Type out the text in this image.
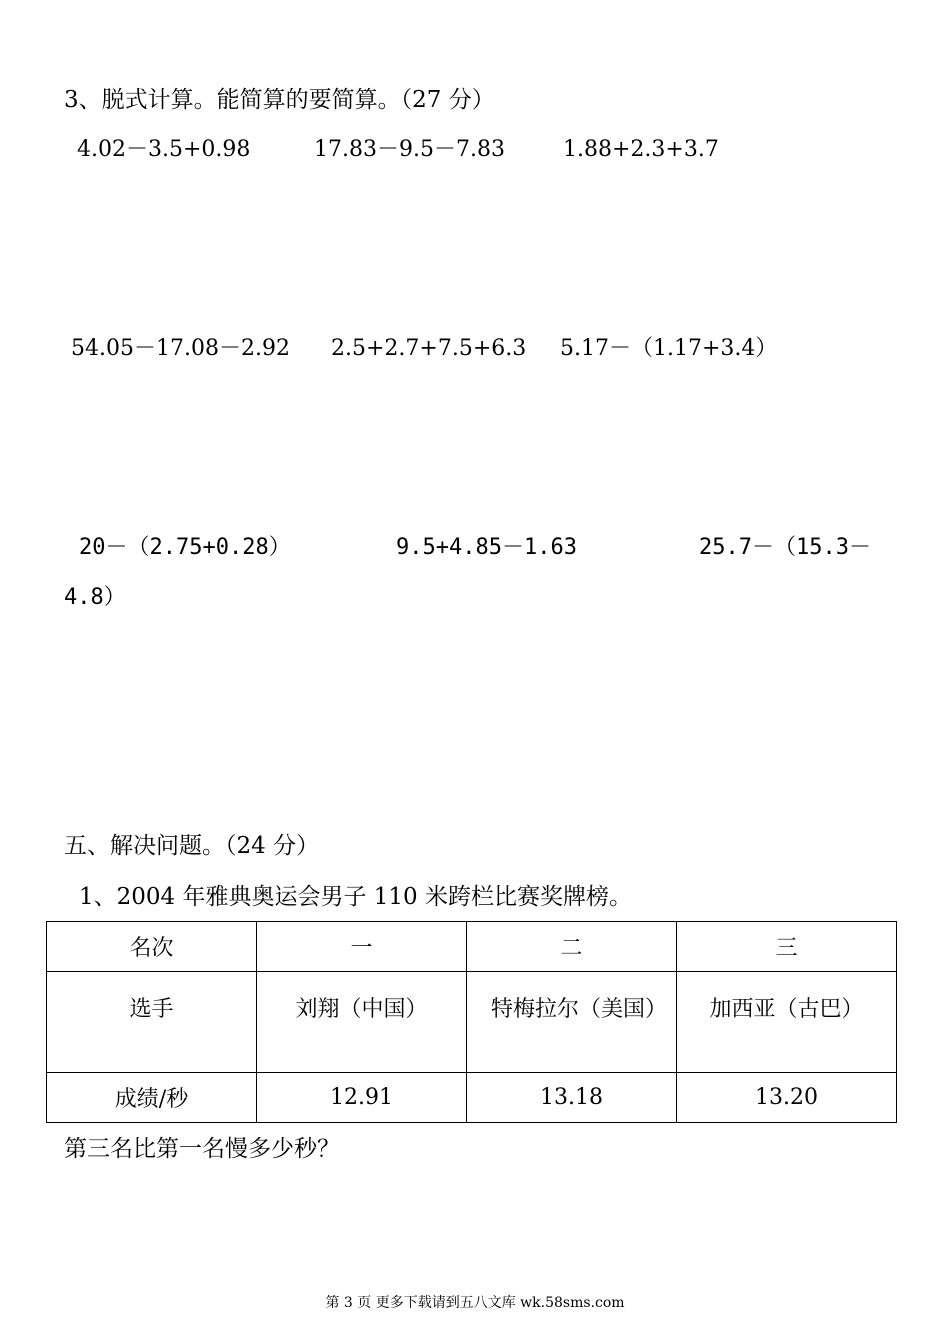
3、脱式计算。能简算的要简算。（27 分）
4.02－3.5+0.98	17.83－9.5－7.83	1.88+2.3+3.7
54.05－17.08－2.92 2.5+2.7+7.5+6.3 5.17－（1.17+3.4）
20－（2.75+0.28）	9.5+4.85－1.63	25.7－（15.3－
4.8）
五、解决问题。（24 分）
1、2004 年雅典奥运会男子 110 米跨栏比赛奖牌榜。
名次	一	二	三
选手	刘翔（中国）	特梅拉尔（美国）	加西亚（古巴）
成绩/秒	12.91	13.18	13.20
第三名比第一名慢多少秒？
第 3 页 更多下载请到五八文库 wk.58sms.com
